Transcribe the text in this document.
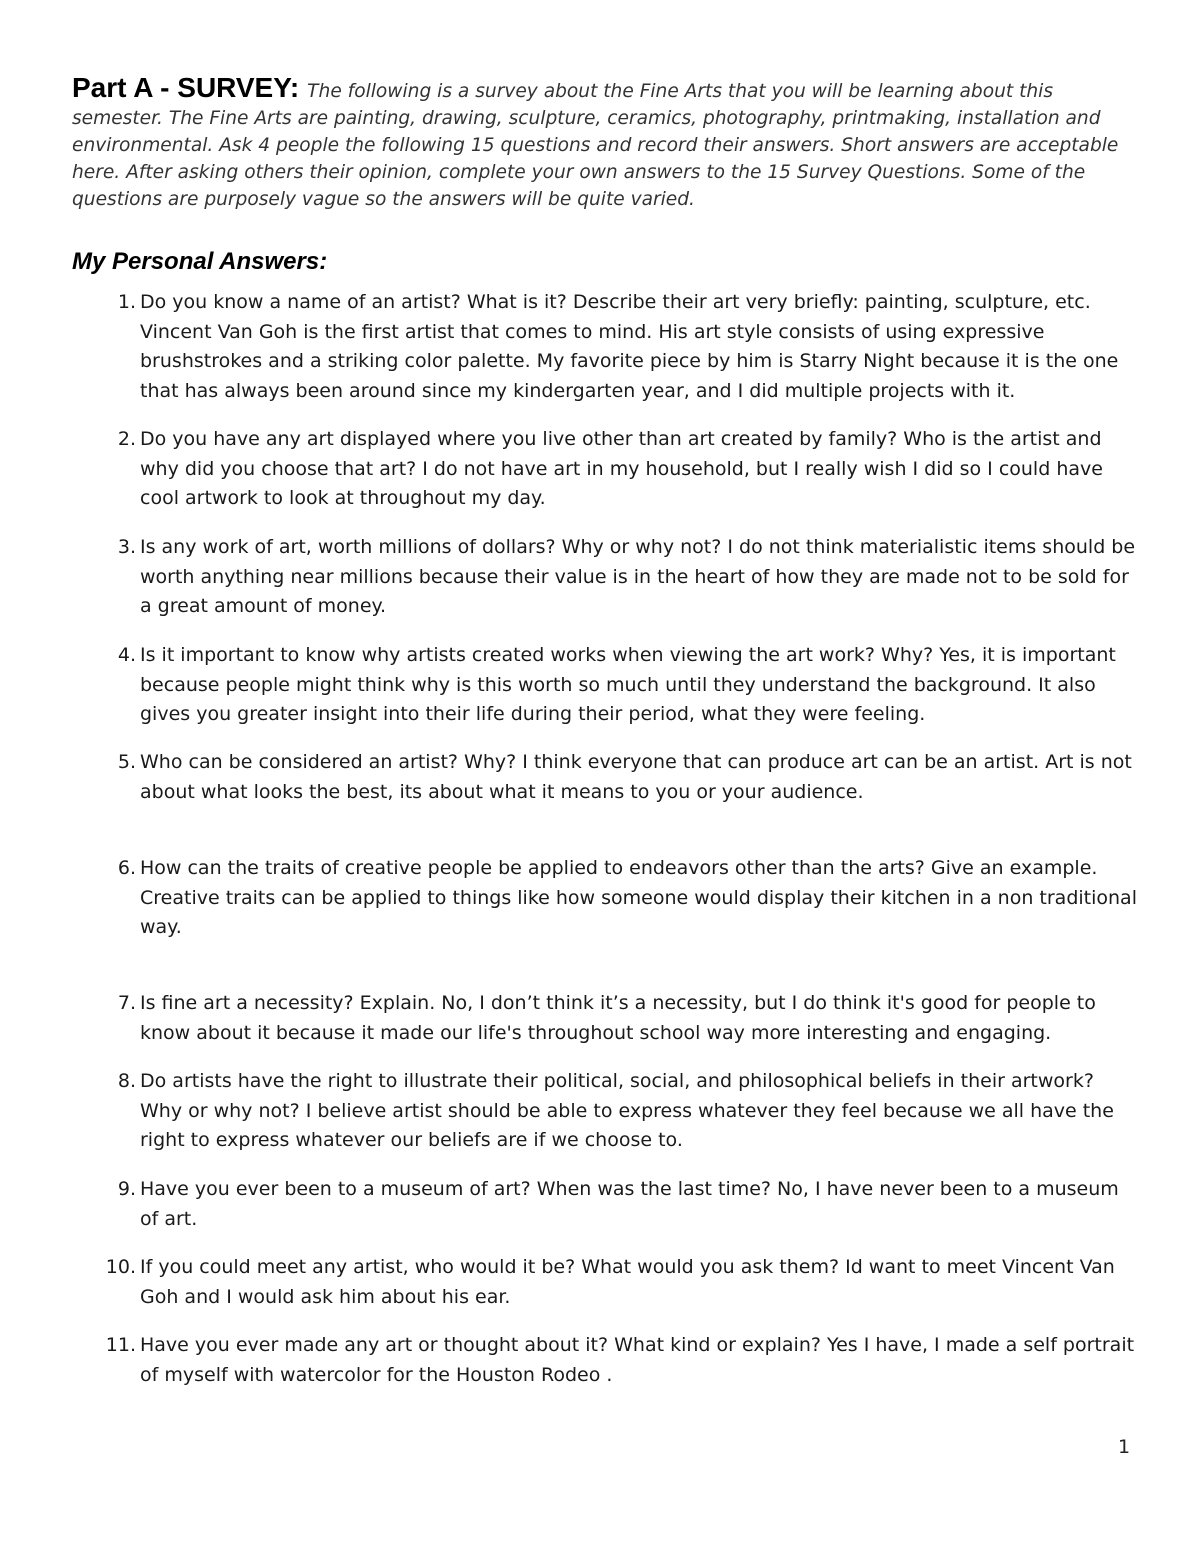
Part A - SURVEY: The following is a survey about the Fine Arts that you will be learning about this semester. The Fine Arts are painting, drawing, sculpture, ceramics, photography, printmaking, installation and environmental. Ask 4 people the following 15 questions and record their answers. Short answers are acceptable here. After asking others their opinion, complete your own answers to the 15 Survey Questions. Some of the questions are purposely vague so the answers will be quite varied.

My Personal Answers:
1. Do you know a name of an artist? What is it? Describe their art very briefly: painting, sculpture, etc. Vincent Van Goh is the first artist that comes to mind. His art style consists of using expressive brushstrokes and a striking color palette. My favorite piece by him is Starry Night because it is the one that has always been around since my kindergarten year, and I did multiple projects with it.
2. Do you have any art displayed where you live other than art created by family? Who is the artist and why did you choose that art? I do not have art in my household, but I really wish I did so I could have cool artwork to look at throughout my day.
3. Is any work of art, worth millions of dollars? Why or why not? I do not think materialistic items should be worth anything near millions because their value is in the heart of how they are made not to be sold for a great amount of money.
4. Is it important to know why artists created works when viewing the art work? Why? Yes, it is important because people might think why is this worth so much until they understand the background. It also gives you greater insight into their life during their period, what they were feeling.
5. Who can be considered an artist? Why? I think everyone that can produce art can be an artist. Art is not about what looks the best, its about what it means to you or your audience.
6. How can the traits of creative people be applied to endeavors other than the arts? Give an example. Creative traits can be applied to things like how someone would display their kitchen in a non traditional way.
7. Is fine art a necessity? Explain. No, I don’t think it’s a necessity, but I do think it's good for people to know about it because it made our life's throughout school way more interesting and engaging.
8. Do artists have the right to illustrate their political, social, and philosophical beliefs in their artwork? Why or why not? I believe artist should be able to express whatever they feel because we all have the right to express whatever our beliefs are if we choose to.
9. Have you ever been to a museum of art? When was the last time? No, I have never been to a museum of art.
10. If you could meet any artist, who would it be? What would you ask them? Id want to meet Vincent Van Goh and I would ask him about his ear.
11. Have you ever made any art or thought about it? What kind or explain? Yes I have, I made a self portrait of myself with watercolor for the Houston Rodeo .
1
